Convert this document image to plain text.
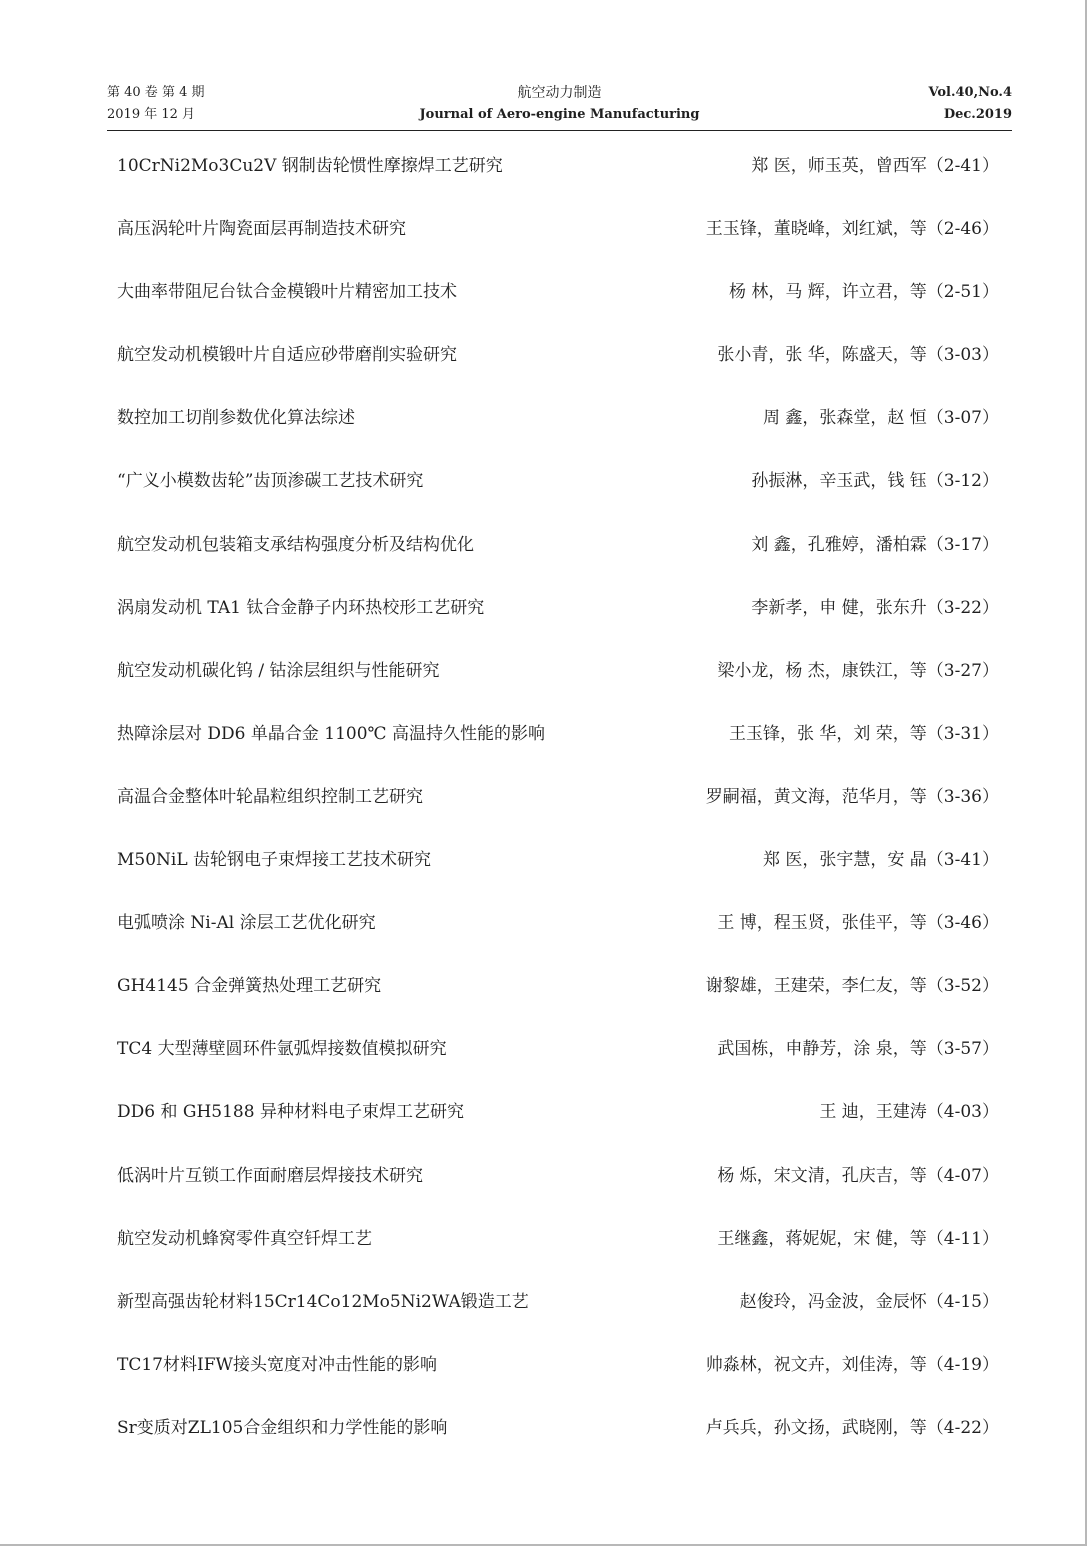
第 40 卷 第 4 期
2019 年 12 月
航空动力制造
Journal of Aero-engine Manufacturing
Vol.40,No.4
Dec.2019
10CrNi2Mo3Cu2V 钢制齿轮惯性摩擦焊工艺研究	郑 医，师玉英，曾西军（2-41）
高压涡轮叶片陶瓷面层再制造技术研究	王玉锋，董晓峰，刘红斌，等（2-46）
大曲率带阻尼台钛合金模锻叶片精密加工技术	杨 林，马 辉，许立君，等（2-51）
航空发动机模锻叶片自适应砂带磨削实验研究	张小青，张 华，陈盛天，等（3-03）
数控加工切削参数优化算法综述	周 鑫，张森堂，赵 恒（3-07）
“广义小模数齿轮”齿顶渗碳工艺技术研究	孙振淋，辛玉武，钱 钰（3-12）
航空发动机包装箱支承结构强度分析及结构优化	刘 鑫，孔雅婷，潘柏霖（3-17）
涡扇发动机 TA1 钛合金静子内环热校形工艺研究	李新孝，申 健，张东升（3-22）
航空发动机碳化钨 / 钴涂层组织与性能研究	梁小龙，杨 杰，康铁江，等（3-27）
热障涂层对 DD6 单晶合金 1100℃ 高温持久性能的影响	王玉锋，张 华，刘 荣，等（3-31）
高温合金整体叶轮晶粒组织控制工艺研究	罗嗣福，黄文海，范华月，等（3-36）
M50NiL 齿轮钢电子束焊接工艺技术研究	郑 医，张宇慧，安 晶（3-41）
电弧喷涂 Ni-Al 涂层工艺优化研究	王 博，程玉贤，张佳平，等（3-46）
GH4145 合金弹簧热处理工艺研究	谢黎雄，王建荣，李仁友，等（3-52）
TC4 大型薄壁圆环件氩弧焊接数值模拟研究	武国栋，申静芳，涂 泉，等（3-57）
DD6 和 GH5188 异种材料电子束焊工艺研究	王 迪，王建涛（4-03）
低涡叶片互锁工作面耐磨层焊接技术研究	杨 烁，宋文清，孔庆吉，等（4-07）
航空发动机蜂窝零件真空钎焊工艺	王继鑫，蒋妮妮，宋 健，等（4-11）
新型高强齿轮材料15Cr14Co12Mo5Ni2WA锻造工艺	赵俊玲，冯金波，金辰怀（4-15）
TC17材料IFW接头宽度对冲击性能的影响	帅淼林，祝文卉，刘佳涛，等（4-19）
Sr变质对ZL105合金组织和力学性能的影响	卢兵兵，孙文扬，武晓刚，等（4-22）
